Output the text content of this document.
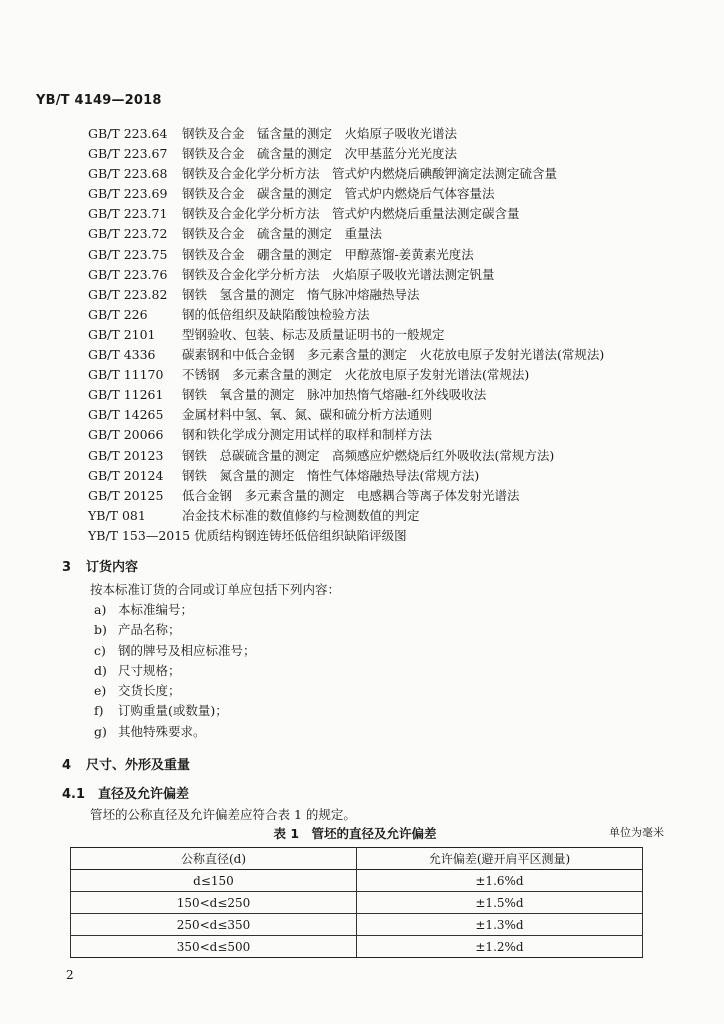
YB/T 4149—2018
GB/T 223.64	钢铁及合金　锰含量的测定　火焰原子吸收光谱法
GB/T 223.67	钢铁及合金　硫含量的测定　次甲基蓝分光光度法
GB/T 223.68	钢铁及合金化学分析方法　管式炉内燃烧后碘酸钾滴定法测定硫含量
GB/T 223.69	钢铁及合金　碳含量的测定　管式炉内燃烧后气体容量法
GB/T 223.71	钢铁及合金化学分析方法　管式炉内燃烧后重量法测定碳含量
GB/T 223.72	钢铁及合金　硫含量的测定　重量法
GB/T 223.75	钢铁及合金　硼含量的测定　甲醇蒸馏-姜黄素光度法
GB/T 223.76	钢铁及合金化学分析方法　火焰原子吸收光谱法测定钒量
GB/T 223.82	钢铁　氢含量的测定　惰气脉冲熔融热导法
GB/T 226	钢的低倍组织及缺陷酸蚀检验方法
GB/T 2101	型钢验收、包装、标志及质量证明书的一般规定
GB/T 4336	碳素钢和中低合金钢　多元素含量的测定　火花放电原子发射光谱法(常规法)
GB/T 11170	不锈钢　多元素含量的测定　火花放电原子发射光谱法(常规法)
GB/T 11261	钢铁　氧含量的测定　脉冲加热惰气熔融-红外线吸收法
GB/T 14265	金属材料中氢、氧、氮、碳和硫分析方法通则
GB/T 20066	钢和铁化学成分测定用试样的取样和制样方法
GB/T 20123	钢铁　总碳硫含量的测定　高频感应炉燃烧后红外吸收法(常规方法)
GB/T 20124	钢铁　氮含量的测定　惰性气体熔融热导法(常规方法)
GB/T 20125	低合金钢　多元素含量的测定　电感耦合等离子体发射光谱法
YB/T 081	冶金技术标准的数值修约与检测数值的判定
YB/T 153—2015 优质结构钢连铸坯低倍组织缺陷评级图
3 订货内容
按本标准订货的合同或订单应包括下列内容：
a) 本标准编号；
b) 产品名称；
c) 钢的牌号及相应标准号；
d) 尺寸规格；
e) 交货长度；
f) 订购重量(或数量)；
g) 其他特殊要求。
4 尺寸、外形及重量
4.1 直径及允许偏差
管坯的公称直径及允许偏差应符合表 1 的规定。
表 1　管坯的直径及允许偏差	单位为毫米
公称直径(d)	允许偏差(避开肩平区测量)
d≤150	±1.6%d
150<d≤250	±1.5%d
250<d≤350	±1.3%d
350<d≤500	±1.2%d
2
